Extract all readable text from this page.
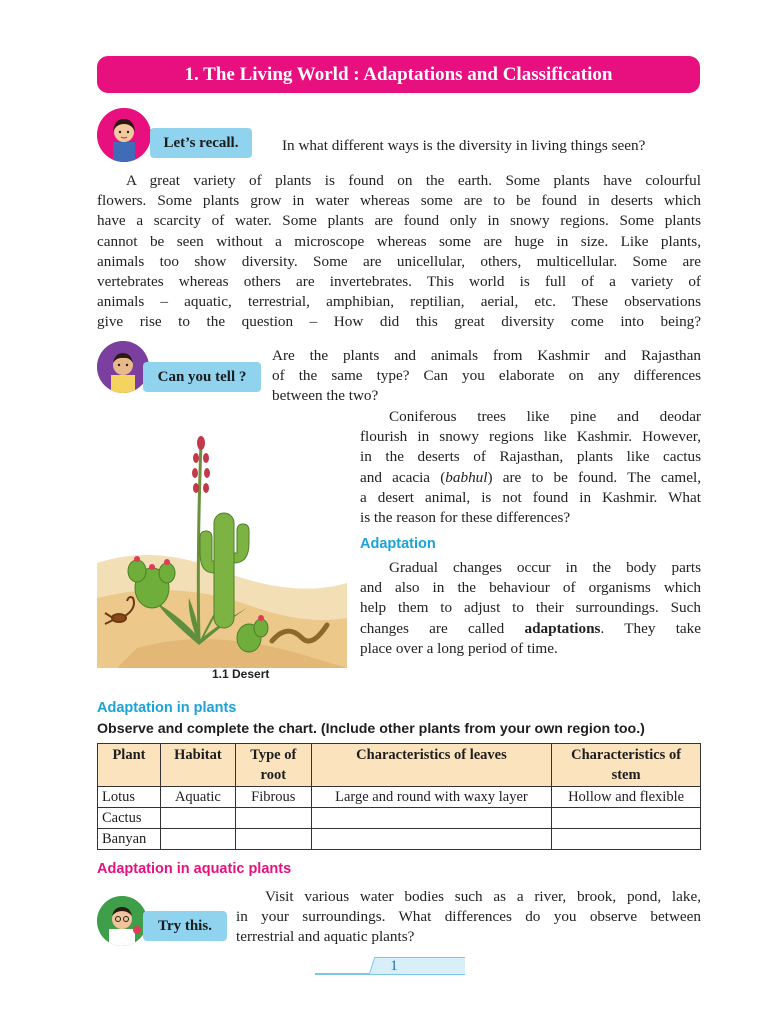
1. The Living World : Adaptations and Classification
Let’s recall.	In what different ways is the diversity in living things seen?
A great variety of plants is found on the earth. Some plants have colourful
flowers. Some plants grow in water whereas some are to be found in deserts which
have a scarcity of water. Some plants are found only in snowy regions. Some plants
cannot be seen without a microscope whereas some are huge in size. Like plants,
animals too show diversity. Some are unicellular, others, multicellular. Some are
vertebrates whereas others are invertebrates. This world is full of a variety of
animals – aquatic, terrestrial, amphibian, reptilian, aerial, etc. These observations
give rise to the question – How did this great diversity come into being?
Can you tell ?
Are the plants and animals from Kashmir and Rajasthan
of the same type? Can you elaborate on any differences
between the two?
1.1 Desert
Coniferous trees like pine and deodar
flourish in snowy regions like Kashmir. However,
in the deserts of Rajasthan, plants like cactus
and acacia (babhul) are to be found. The camel,
a desert animal, is not found in Kashmir. What
is the reason for these differences?
Adaptation
Gradual changes occur in the body parts
and also in the behaviour of organisms which
help them to adjust to their surroundings. Such
changes are called adaptations. They take
place over a long period of time.
Adaptation in plants
Observe and complete the chart. (Include other plants from your own region too.)
Plant	Habitat	Type of root	Characteristics of leaves	Characteristics of stem
Lotus	Aquatic	Fibrous	Large and round with waxy layer	Hollow and flexible
Cactus				
Banyan				
Adaptation in aquatic plants
Try this.
Visit various water bodies such as a river, brook, pond, lake,
in your surroundings. What differences do you observe between
terrestrial and aquatic plants?
1
